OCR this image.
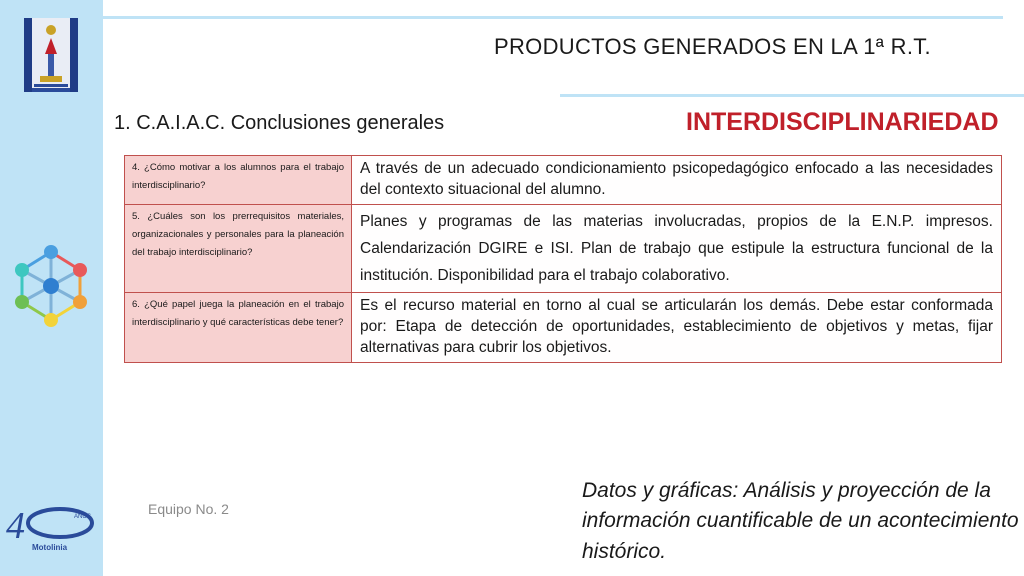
4	AÑOS
Motolinia
PRODUCTOS GENERADOS EN LA 1ª R.T.
1. C.A.I.A.C. Conclusiones generales	INTERDISCIPLINARIEDAD
4. ¿Cómo motivar a los alumnos para el trabajo interdisciplinario?	A través de un adecuado condicionamiento psicopedagógico enfocado a las necesidades del contexto situacional del alumno.
5. ¿Cuáles son los prerrequisitos materiales, organizacionales y personales para la planeación del trabajo interdisciplinario?	Planes y programas de las materias involucradas, propios de la E.N.P. impresos. Calendarización DGIRE e ISI. Plan de trabajo que estipule la estructura funcional de la institución. Disponibilidad para el trabajo colaborativo.
6. ¿Qué papel juega la planeación en el trabajo interdisciplinario y qué características debe tener?	Es el recurso material en torno al cual se articularán los demás. Debe estar conformada por: Etapa de detección de oportunidades, establecimiento de objetivos y metas, fijar alternativas para cubrir los objetivos.
Equipo No. 2
Datos y gráficas: Análisis y proyección de la información cuantificable de un acontecimiento histórico.
